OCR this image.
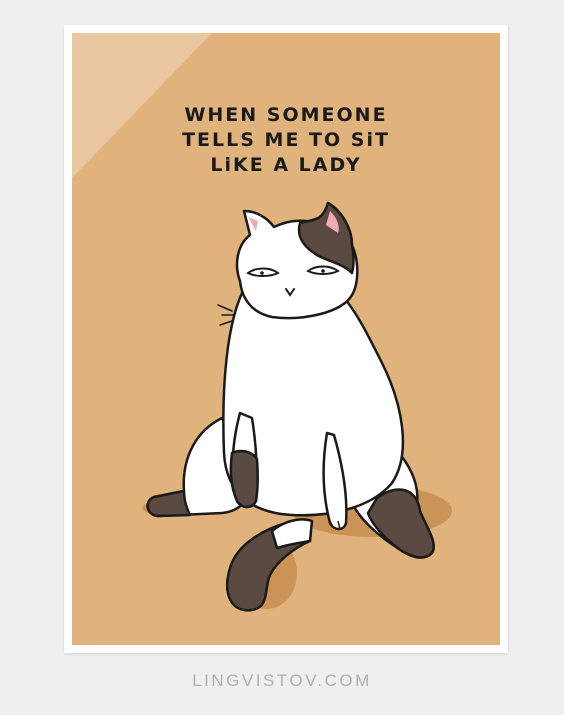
WHEN SOMEONE
TELLS ME TO SiT
LiKE A LADY
LINGVISTOV.COM
